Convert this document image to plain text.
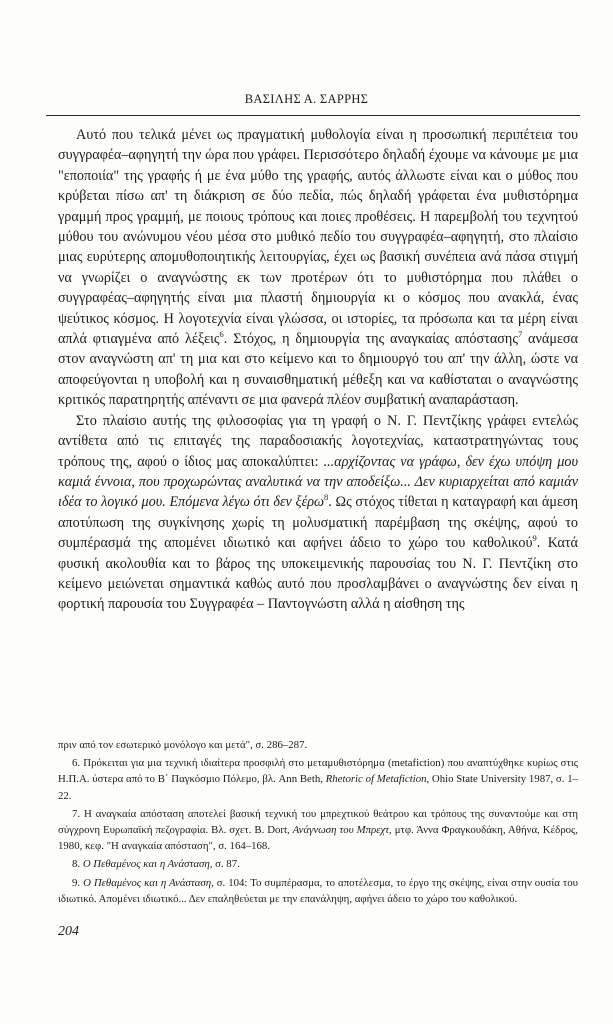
ΒΑΣΙΛΗΣ Α. ΣΑΡΡΗΣ

Αυτό που τελικά μένει ως πραγματική μυθολογία είναι η προσωπική περιπέτεια του συγγραφέα–αφηγητή την ώρα που γράφει. Περισσότερο δηλαδή έχουμε να κάνουμε με μια "εποποιία" της γραφής ή με ένα μύθο της γραφής, αυτός άλλωστε είναι και ο μύθος που κρύβεται πίσω απ' τη διάκριση σε δύο πεδία, πώς δηλαδή γράφεται ένα μυθιστόρημα γραμμή προς γραμμή, με ποιους τρόπους και ποιες προθέσεις. Η παρεμβολή του τεχνητού μύθου του ανώνυμου νέου μέσα στο μυθικό πεδίο του συγγραφέα–αφηγητή, στο πλαίσιο μιας ευρύτερης απομυθοποιητικής λειτουργίας, έχει ως βασική συνέπεια ανά πάσα στιγμή να γνωρίζει ο αναγνώστης εκ των προτέρων ότι το μυθιστόρημα που πλάθει ο συγγραφέας–αφηγητής είναι μια πλαστή δημιουργία κι ο κόσμος που ανακλά, ένας ψεύτικος κόσμος. Η λογοτεχνία είναι γλώσσα, οι ιστορίες, τα πρόσωπα και τα μέρη είναι απλά φτιαγμένα από λέξεις$^6$. Στόχος, η δημιουργία της αναγκαίας απόστασης$^7$ ανάμεσα στον αναγνώστη απ' τη μια και στο κείμενο και το δημιουργό του απ' την άλλη, ώστε να αποφεύγονται η υποβολή και η συναισθηματική μέθεξη και να καθίσταται ο αναγνώστης κριτικός παρατηρητής απέναντι σε μια φανερά πλέον συμβατική αναπαράσταση.

Στο πλαίσιο αυτής της φιλοσοφίας για τη γραφή ο Ν. Γ. Πεντζίκης γράφει εντελώς αντίθετα από τις επιταγές της παραδοσιακής λογοτεχνίας, καταστρατηγώντας τους τρόπους της, αφού ο ίδιος μας αποκαλύπτει: ...αρχίζοντας να γράφω, δεν έχω υπόψη μου καμιά έννοια, που προχωρώντας αναλυτικά να την αποδείξω... Δεν κυριαρχείται από καμιάν ιδέα το λογικό μου. Επόμενα λέγω ότι δεν ξέρω$^8$. Ως στόχος τίθεται η καταγραφή και άμεση αποτύπωση της συγκίνησης χωρίς τη μολυσματική παρέμβαση της σκέψης, αφού το συμπέρασμά της απομένει ιδιωτικό και αφήνει άδειο το χώρο του καθολικού$^9$. Κατά φυσική ακολουθία και το βάρος της υποκειμενικής παρουσίας του Ν. Γ. Πεντζίκη στο κείμενο μειώνεται σημαντικά καθώς αυτό που προσλαμβάνει ο αναγνώστης δεν είναι η φορτική παρουσία του Συγγραφέα – Παντογνώστη αλλά η αίσθηση της

πριν από τον εσωτερικό μονόλογο και μετά", σ. 286–287.

6. Πρόκειται για μια τεχνική ιδιαίτερα προσφιλή στο μεταμυθιστόρημα (metafiction) που αναπτύχθηκε κυρίως στις Η.Π.Α. ύστερα από το Β΄ Παγκόσμιο Πόλεμο, βλ. Ann Beth, Rhetoric of Metafiction, Ohio State University 1987, σ. 1–22.

7. Η αναγκαία απόσταση αποτελεί βασική τεχνική του μπρεχτικού θεάτρου και τρόπους της συναντούμε και στη σύγχρονη Ευρωπαϊκή πεζογραφία. Βλ. σχετ. Β. Dort, Ανάγνωση του Μπρεχτ, μτφ. Άννα Φραγκουδάκη, Αθήνα, Κέδρος, 1980, κεφ. "Η αναγκαία απόσταση", σ. 164–168.

8. Ο Πεθαμένος και η Ανάσταση, σ. 87.

9. Ο Πεθαμένος και η Ανάσταση, σ. 104: Το συμπέρασμα, το αποτέλεσμα, το έργο της σκέψης, είναι στην ουσία του ιδιωτικό. Απομένει ιδιωτικό... Δεν επαληθεύεται με την επανάληψη, αφήνει άδειο το χώρο του καθολικού.

204
